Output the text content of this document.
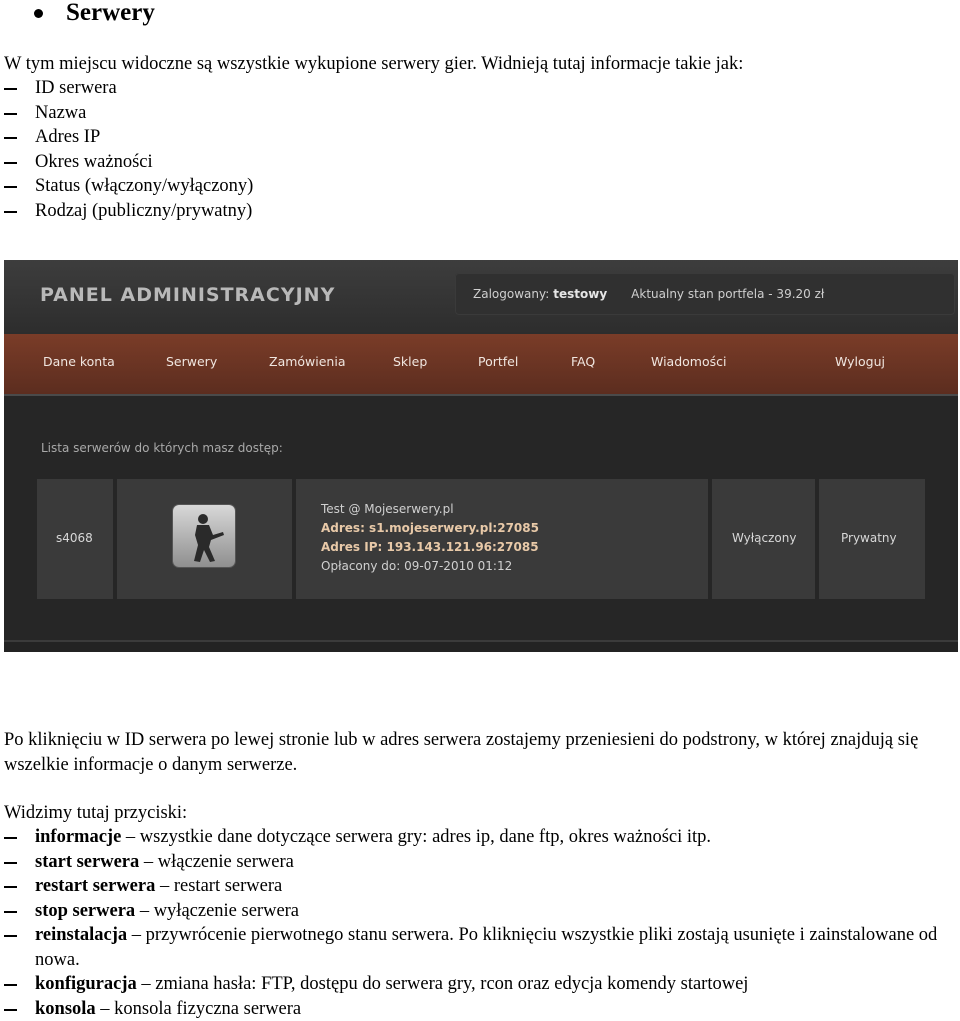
Serwery

W tym miejscu widoczne są wszystkie wykupione serwery gier. Widnieją tutaj informacje takie jak:

ID serwera
Nazwa
Adres IP
Okres ważności
Status (włączony/wyłączony)
Rodzaj (publiczny/prywatny)
PANEL ADMINISTRACYJNY	Zalogowany: testowy Aktualny stan portfela - 39.20 zł
Dane konta	Serwery	Zamówienia	Sklep	Portfel	FAQ	Wiadomości	Wyloguj
Lista serwerów do których masz dostęp:
s4068
Test @ Mojeserwery.pl
Adres: s1.mojeserwery.pl:27085
Adres IP: 193.143.121.96:27085
Opłacony do: 09-07-2010 01:12
Wyłączony	Prywatny

Po kliknięciu w ID serwera po lewej stronie lub w adres serwera zostajemy przeniesieni do podstrony, w której znajdują się wszelkie informacje o danym serwerze.

Widzimy tutaj przyciski:

informacje – wszystkie dane dotyczące serwera gry: adres ip, dane ftp, okres ważności itp.
start serwera – włączenie serwera
restart serwera – restart serwera
stop serwera – wyłączenie serwera
reinstalacja – przywrócenie pierwotnego stanu serwera. Po kliknięciu wszystkie pliki zostają usunięte i zainstalowane od nowa.
konfiguracja – zmiana hasła: FTP, dostępu do serwera gry, rcon oraz edycja komendy startowej
konsola – konsola fizyczna serwera
